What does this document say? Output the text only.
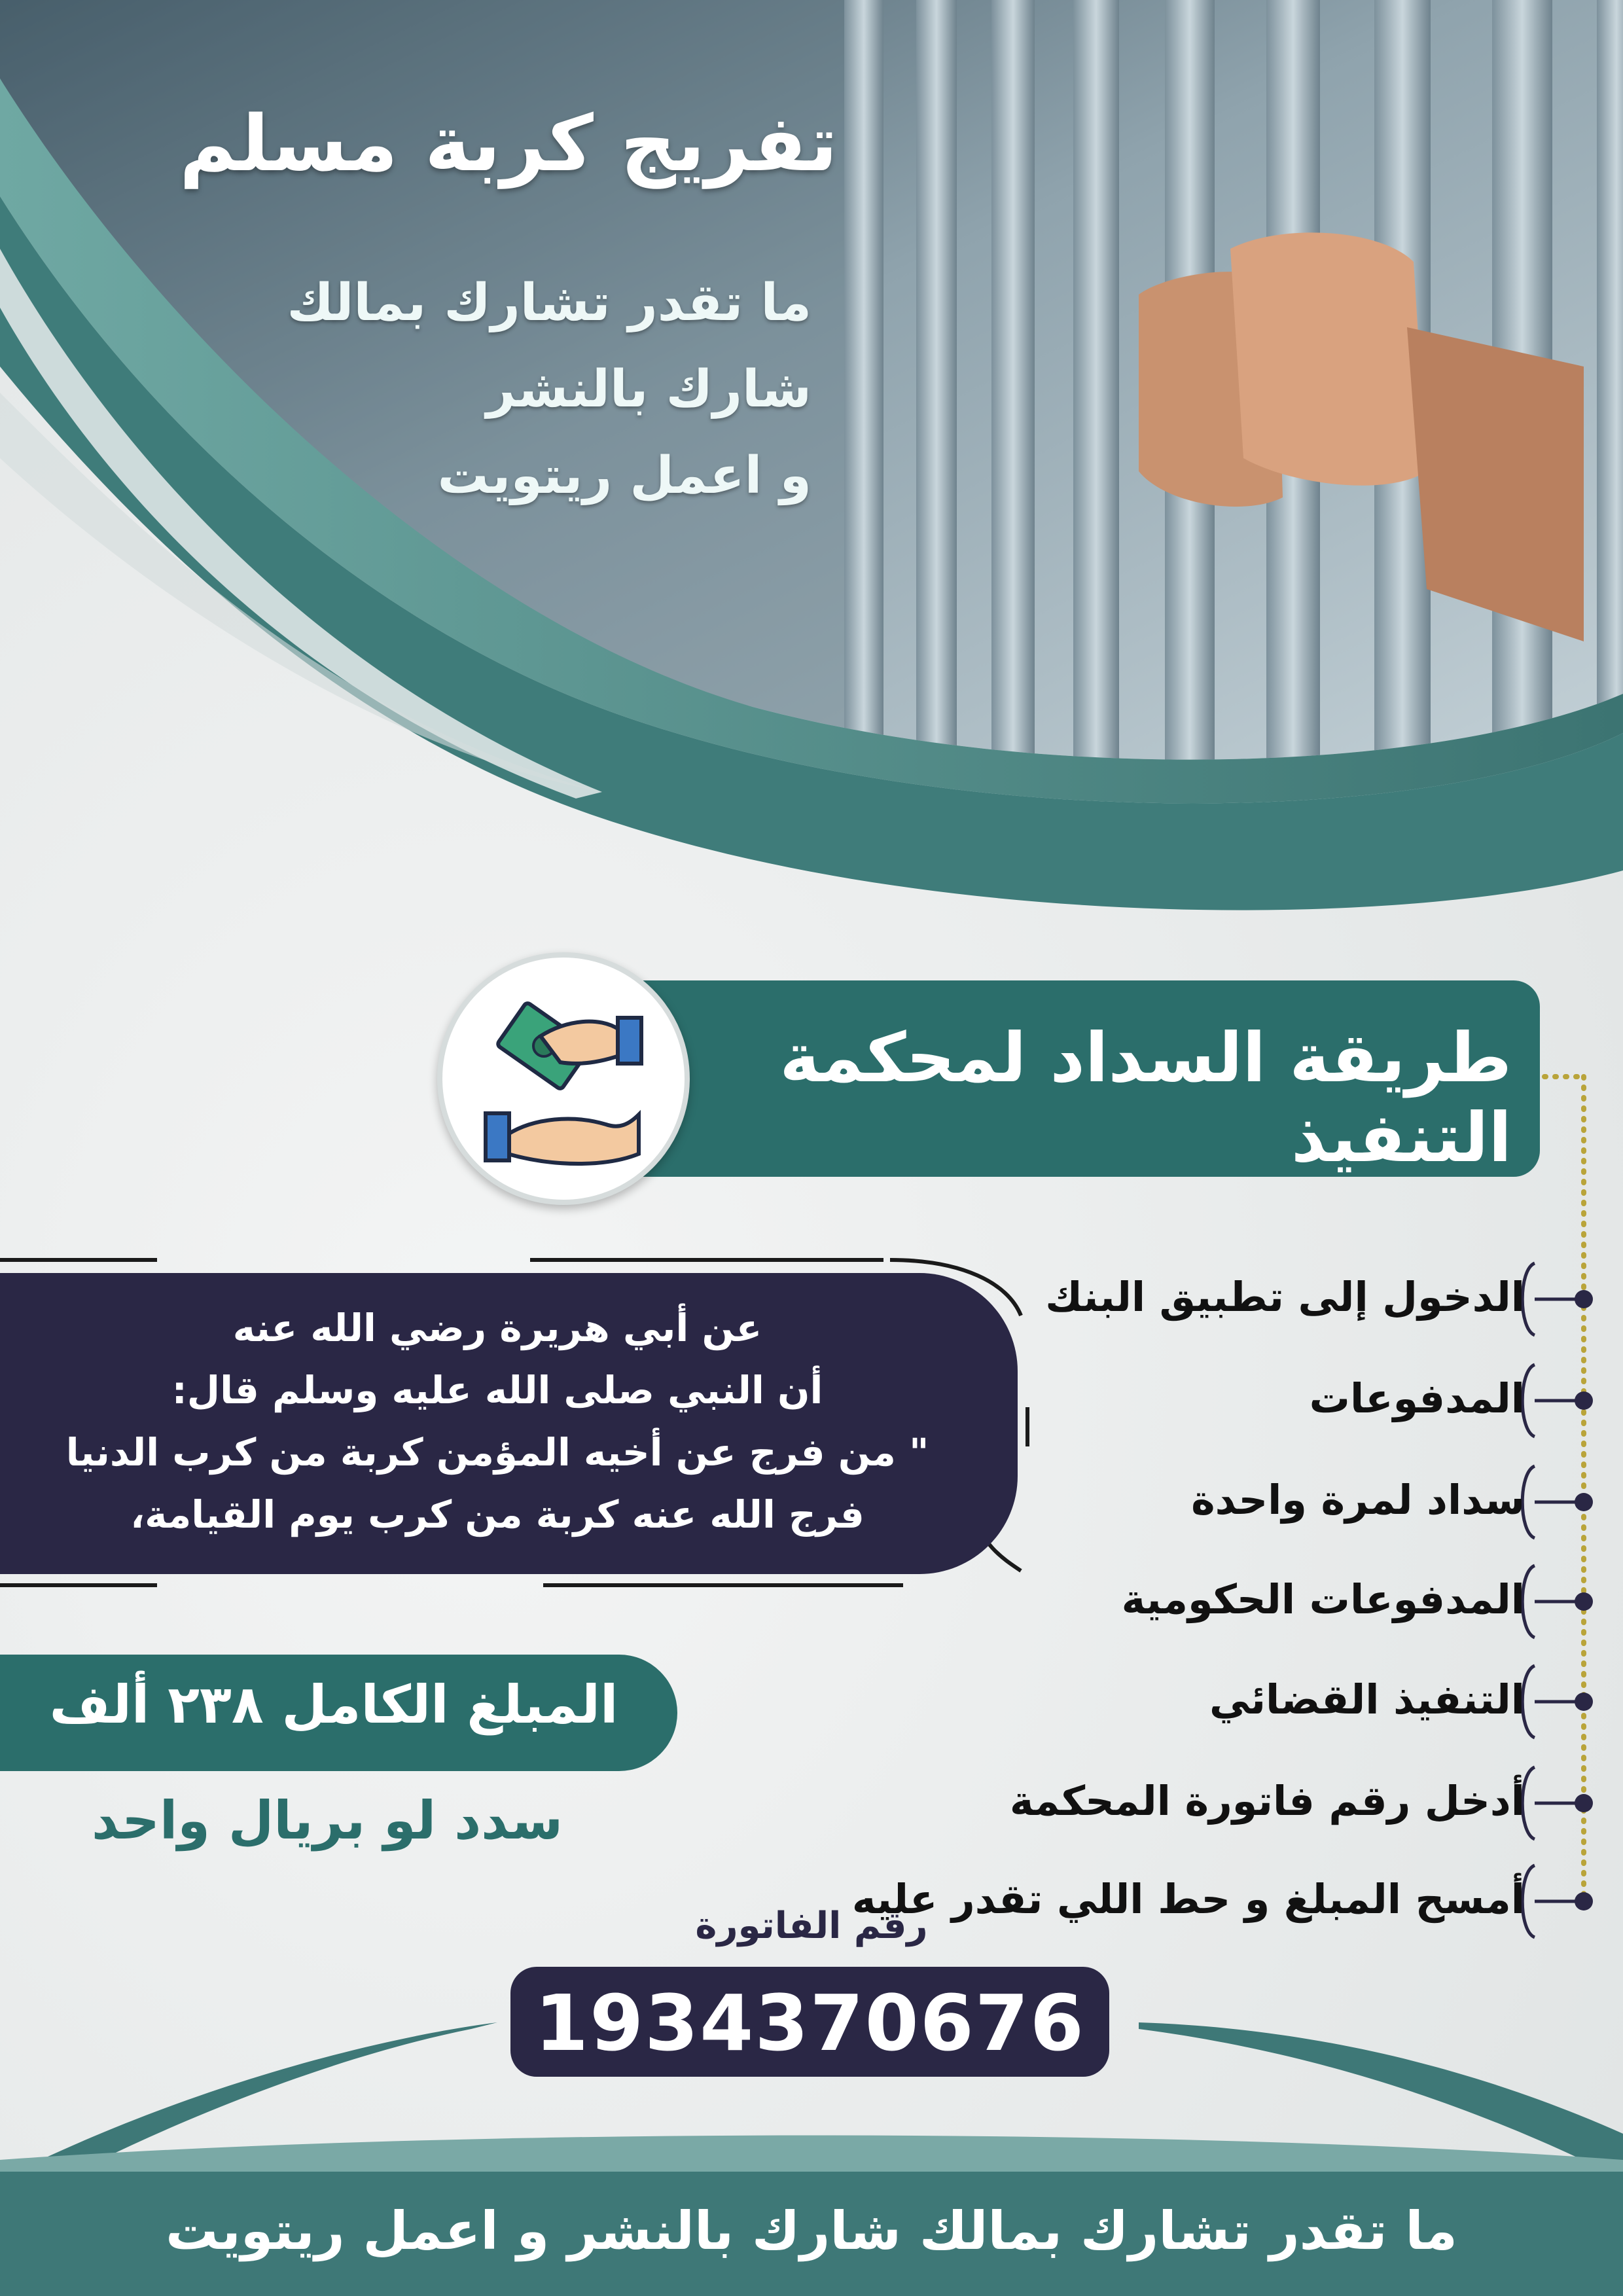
تفريج كربة مسلم
ما تقدر تشارك بمالك
شارك بالنشر
و اعمل ريتويت
طريقة السداد لمحكمة التنفيذ
الدخول إلى تطبيق البنك
المدفوعات
سداد لمرة واحدة
المدفوعات الحكومية
التنفيذ القضائي
أدخل رقم فاتورة المحكمة
أمسح المبلغ و حط اللي تقدر عليه
عن أبي هريرة رضي الله عنه
أن النبي صلى الله عليه وسلم قال:
" من فرج عن أخيه المؤمن كربة من كرب الدنيا
فرج الله عنه كربة من كرب يوم القيامة،
المبلغ الكامل ٢٣٨ ألف
سدد لو بريال واحد
رقم الفاتورة
1934370676
ما تقدر تشارك بمالك شارك بالنشر و اعمل ريتويت
